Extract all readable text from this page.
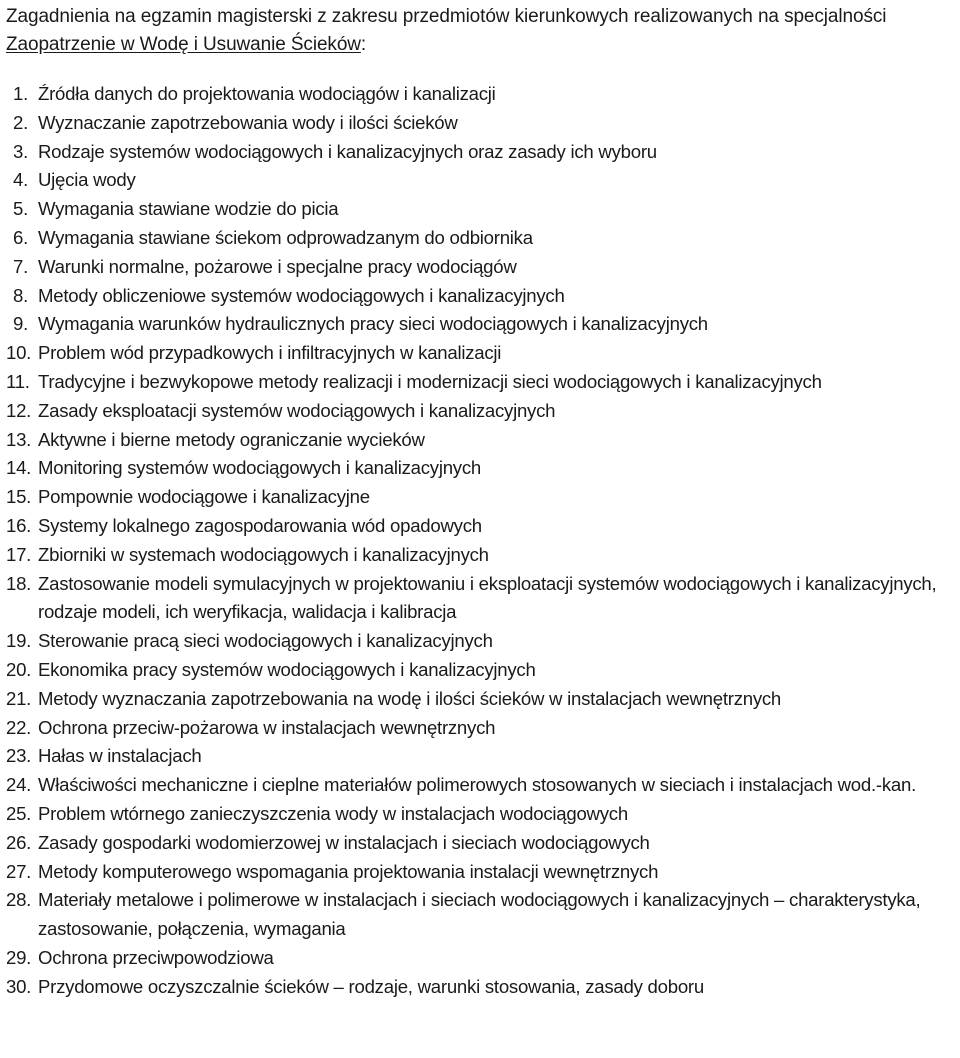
Zagadnienia na egzamin magisterski z zakresu przedmiotów kierunkowych realizowanych na specjalności Zaopatrzenie w Wodę i Usuwanie Ścieków:
1. Źródła danych do projektowania wodociągów i kanalizacji
2. Wyznaczanie zapotrzebowania wody i ilości ścieków
3. Rodzaje systemów wodociągowych i kanalizacyjnych oraz zasady ich wyboru
4. Ujęcia wody
5. Wymagania stawiane wodzie do picia
6. Wymagania stawiane ściekom odprowadzanym do odbiornika
7. Warunki normalne, pożarowe i specjalne pracy wodociągów
8. Metody obliczeniowe systemów wodociągowych i kanalizacyjnych
9. Wymagania warunków hydraulicznych pracy sieci wodociągowych i kanalizacyjnych
10. Problem wód przypadkowych i infiltracyjnych w kanalizacji
11. Tradycyjne i bezwykopowe metody realizacji i modernizacji sieci wodociągowych i kanalizacyjnych
12. Zasady eksploatacji systemów wodociągowych i kanalizacyjnych
13. Aktywne i bierne metody ograniczanie wycieków
14. Monitoring systemów wodociągowych i kanalizacyjnych
15. Pompownie wodociągowe i kanalizacyjne
16. Systemy lokalnego zagospodarowania wód opadowych
17. Zbiorniki w systemach wodociągowych i kanalizacyjnych
18. Zastosowanie modeli symulacyjnych w projektowaniu i eksploatacji systemów wodociągowych i kanalizacyjnych, rodzaje modeli, ich weryfikacja, walidacja i kalibracja
19. Sterowanie pracą sieci wodociągowych i kanalizacyjnych
20. Ekonomika pracy systemów wodociągowych i kanalizacyjnych
21. Metody wyznaczania zapotrzebowania na wodę i ilości ścieków w instalacjach wewnętrznych
22. Ochrona przeciw-pożarowa w instalacjach wewnętrznych
23. Hałas w instalacjach
24. Właściwości mechaniczne i cieplne materiałów polimerowych stosowanych w sieciach i instalacjach wod.-kan.
25. Problem wtórnego zanieczyszczenia wody w instalacjach wodociągowych
26. Zasady gospodarki wodomierzowej w instalacjach i sieciach wodociągowych
27. Metody komputerowego wspomagania projektowania instalacji wewnętrznych
28. Materiały metalowe i polimerowe w instalacjach i sieciach wodociągowych i kanalizacyjnych – charakterystyka, zastosowanie, połączenia, wymagania
29. Ochrona przeciwpowodziowa
30. Przydomowe oczyszczalnie ścieków – rodzaje, warunki stosowania, zasady doboru
